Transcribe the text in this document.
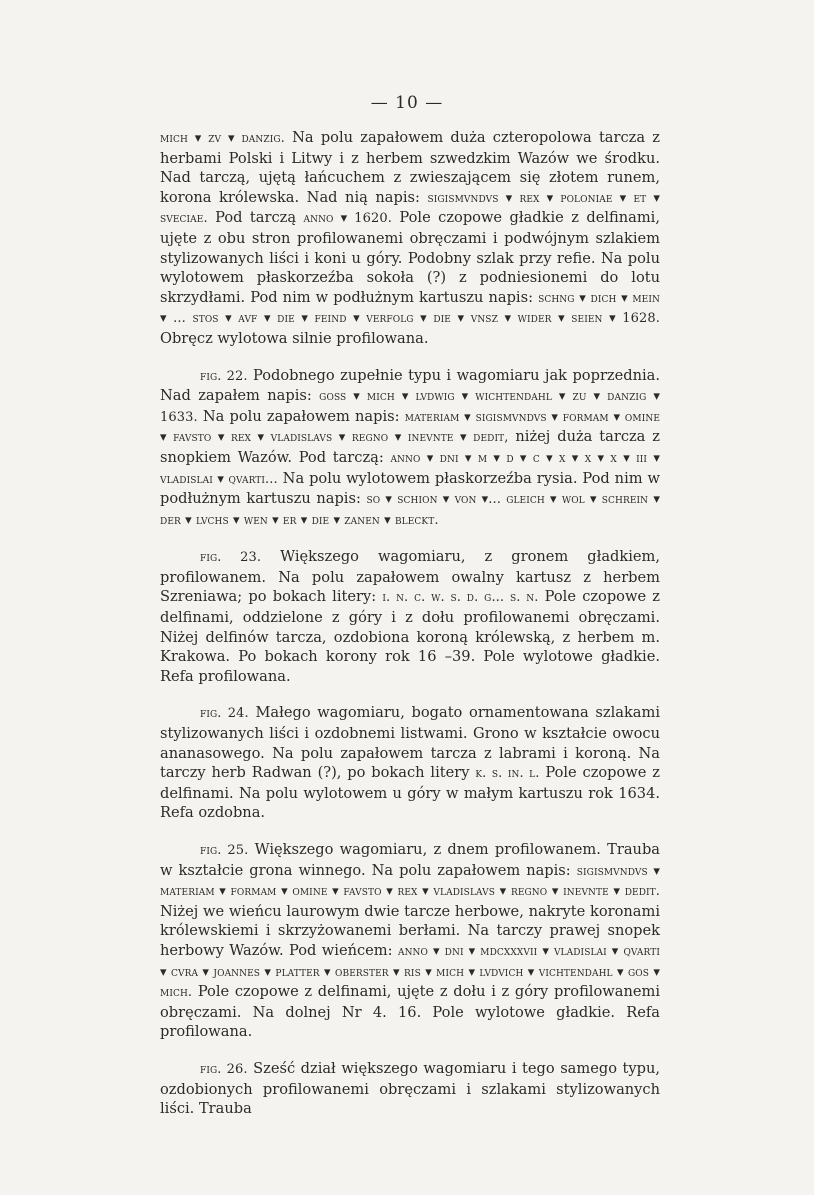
— 10 —

mich ▾ zv ▾ danzig. Na polu zapałowem duża czteropolowa tarcza z herbami Polski i Litwy i z herbem szwedzkim Wazów we środku. Nad tarczą, ujętą łańcuchem z zwieszającem się złotem runem, korona królewska. Nad nią napis: sigismvndvs ▾ rex ▾ poloniae ▾ et ▾ sveciae. Pod tarczą anno ▾ 1620. Pole czopowe gładkie z delfinami, ujęte z obu stron profilowanemi obręczami i podwójnym szlakiem stylizowanych liści i koni u góry. Podobny szlak przy refie. Na polu wylotowem płaskorzeźba sokoła (?) z podniesionemi do lotu skrzydłami. Pod nim w podłużnym kartuszu napis: schng ▾ dich ▾ mein ▾ ... stos ▾ avf ▾ die ▾ feind ▾ verfolg ▾ die ▾ vnsz ▾ wider ▾ seien ▾ 1628. Obręcz wylotowa silnie profilowana.

fig. 22. Podobnego zupełnie typu i wagomiaru jak poprzednia. Nad zapałem napis: goss ▾ mich ▾ lvdwig ▾ wichtendahl ▾ zu ▾ danzig ▾ 1633. Na polu zapałowem napis: materiam ▾ sigismvndvs ▾ formam ▾ omine ▾ favsto ▾ rex ▾ vladislavs ▾ regno ▾ inevnte ▾ dedit, niżej duża tarcza z snopkiem Wazów. Pod tarczą: anno ▾ dni ▾ m ▾ d ▾ c ▾ x ▾ x ▾ x ▾ iii ▾ vladislai ▾ qvarti... Na polu wylotowem płaskorzeźba rysia. Pod nim w podłużnym kartuszu napis: so ▾ schion ▾ von ▾... gleich ▾ wol ▾ schrein ▾ der ▾ lvchs ▾ wen ▾ er ▾ die ▾ zanen ▾ bleckt.

fig. 23. Większego wagomiaru, z gronem gładkiem, profilowanem. Na polu zapałowem owalny kartusz z herbem Szreniawa; po bokach litery: i. n. c. w. s. d. g... s. n. Pole czopowe z delfinami, oddzielone z góry i z dołu profilowanemi obręczami. Niżej delfinów tarcza, ozdobiona koroną królewską, z herbem m. Krakowa. Po bokach korony rok 16 –39. Pole wylotowe gładkie. Refa profilowana.

fig. 24. Małego wagomiaru, bogato ornamentowana szlakami stylizowanych liści i ozdobnemi listwami. Grono w kształcie owocu ananasowego. Na polu zapałowem tarcza z labrami i koroną. Na tarczy herb Radwan (?), po bokach litery k. s. in. l. Pole czopowe z delfinami. Na polu wylotowem u góry w małym kartuszu rok 1634. Refa ozdobna.

fig. 25. Większego wagomiaru, z dnem profilowanem. Trauba w kształcie grona winnego. Na polu zapałowem napis: sigismvndvs ▾ materiam ▾ formam ▾ omine ▾ favsto ▾ rex ▾ vladislavs ▾ regno ▾ inevnte ▾ dedit. Niżej we wieńcu laurowym dwie tarcze herbowe, nakryte koronami królewskiemi i skrzyżowanemi berłami. Na tarczy prawej snopek herbowy Wazów. Pod wieńcem: anno ▾ dni ▾ mdcxxxvii ▾ vladislai ▾ qvarti ▾ cvra ▾ joannes ▾ platter ▾ oberster ▾ ris ▾ mich ▾ lvdvich ▾ vichtendahl ▾ gos ▾ mich. Pole czopowe z delfinami, ujęte z dołu i z góry profilowanemi obręczami. Na dolnej Nr 4. 16. Pole wylotowe gładkie. Refa profilowana.

fig. 26. Sześć dział większego wagomiaru i tego samego typu, ozdobionych profilowanemi obręczami i szlakami stylizowanych liści. Trauba
